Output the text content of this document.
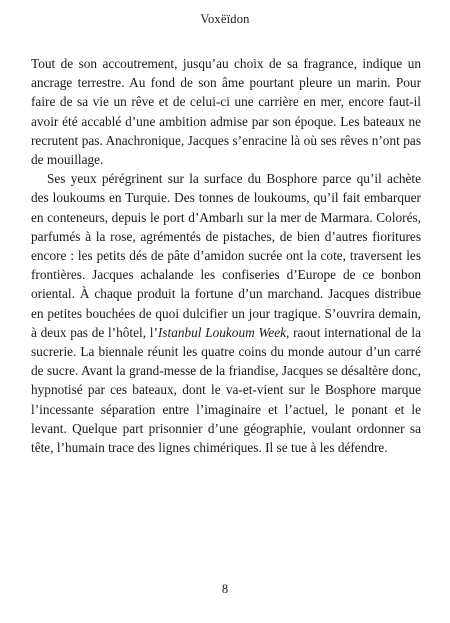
Voxëïdon

Tout de son accoutrement, jusqu’au choix de sa fragrance, indique un ancrage terrestre. Au fond de son âme pourtant pleure un marin. Pour faire de sa vie un rêve et de celui-ci une carrière en mer, encore faut-il avoir été accablé d’une ambition admise par son époque. Les bateaux ne recrutent pas. Anachronique, Jacques s’enracine là où ses rêves n’ont pas de mouillage.

Ses yeux pérégrinent sur la surface du Bosphore parce qu’il achète des loukoums en Turquie. Des tonnes de loukoums, qu’il fait embarquer en conteneurs, depuis le port d’Ambarlı sur la mer de Marmara. Colorés, parfumés à la rose, agrémentés de pistaches, de bien d’autres fioritures encore : les petits dés de pâte d’amidon sucrée ont la cote, traversent les frontières. Jacques achalande les confiseries d’Europe de ce bonbon oriental. À chaque produit la fortune d’un marchand. Jacques distribue en petites bouchées de quoi dulcifier un jour tragique. S’ouvrira demain, à deux pas de l’hôtel, l’Istanbul Loukoum Week, raout international de la sucrerie. La biennale réunit les quatre coins du monde autour d’un carré de sucre. Avant la grand-messe de la friandise, Jacques se désaltère donc, hypnotisé par ces bateaux, dont le va-et-vient sur le Bosphore marque l’incessante séparation entre l’imaginaire et l’actuel, le ponant et le levant. Quelque part prisonnier d’une géographie, voulant ordonner sa tête, l’humain trace des lignes chimériques. Il se tue à les défendre.

8
